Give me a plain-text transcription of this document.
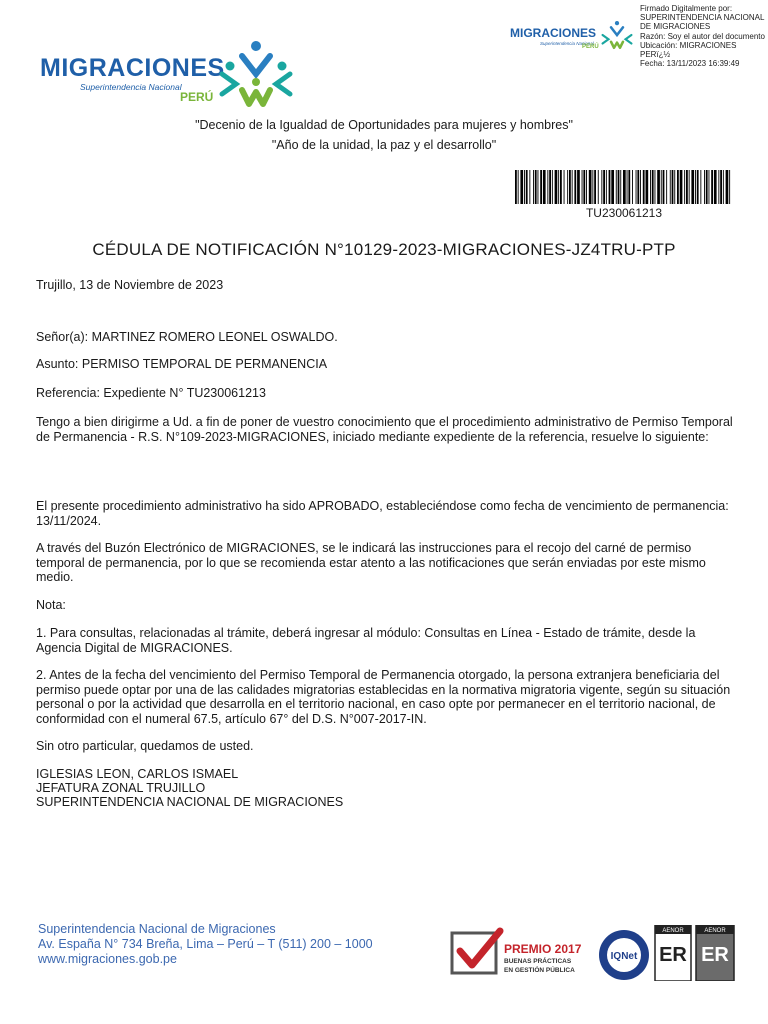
MIGRACIONES
Superintendencia Nacional
PERÚ
MIGRACIONES
Superintendencia Nacional
PERÚ
Firmado Digitalmente por:
SUPERINTENDENCIA NACIONAL
DE MIGRACIONES
Razón: Soy el autor del documento
Ubicación: MIGRACIONES
PERï¿½
Fecha: 13/11/2023 16:39:49
"Decenio de la Igualdad de Oportunidades para mujeres y hombres"
"Año de la unidad, la paz y el desarrollo"
TU230061213
CÉDULA DE NOTIFICACIÓN N°10129-2023-MIGRACIONES-JZ4TRU-PTP
Trujillo, 13 de Noviembre de 2023
Señor(a): MARTINEZ ROMERO LEONEL OSWALDO.
Asunto: PERMISO TEMPORAL DE PERMANENCIA
Referencia: Expediente N° TU230061213
Tengo a bien dirigirme a Ud. a fin de poner de vuestro conocimiento que el procedimiento administrativo de Permiso Temporal de Permanencia - R.S. N°109-2023-MIGRACIONES, iniciado mediante expediente de la referencia, resuelve lo siguiente:
El presente procedimiento administrativo ha sido APROBADO, estableciéndose como fecha de vencimiento de permanencia: 13/11/2024.
A través del Buzón Electrónico de MIGRACIONES, se le indicará las instrucciones para el recojo del carné de permiso temporal de permanencia, por lo que se recomienda estar atento a las notificaciones que serán enviadas por este mismo medio.
Nota:
1. Para consultas, relacionadas al trámite, deberá ingresar al módulo: Consultas en Línea - Estado de trámite, desde la Agencia Digital de MIGRACIONES.
2. Antes de la fecha del vencimiento del Permiso Temporal de Permanencia otorgado, la persona extranjera beneficiaria del permiso puede optar por una de las calidades migratorias establecidas en la normativa migratoria vigente, según su situación personal o por la actividad que desarrolla en el territorio nacional, en caso opte por permanecer en el territorio nacional, de conformidad con el numeral 67.5, artículo 67° del D.S. N°007-2017-IN.
Sin otro particular, quedamos de usted.
IGLESIAS LEON, CARLOS ISMAEL
JEFATURA ZONAL TRUJILLO
SUPERINTENDENCIA NACIONAL DE MIGRACIONES
Superintendencia Nacional de Migraciones
Av. España N° 734 Breña, Lima – Perú – T (511) 200 – 1000
www.migraciones.gob.pe
PREMIO 2017
BUENAS PRÁCTICAS
EN GESTIÓN PÚBLICA
IQNet
AENOR
ER
AENOR
ER
